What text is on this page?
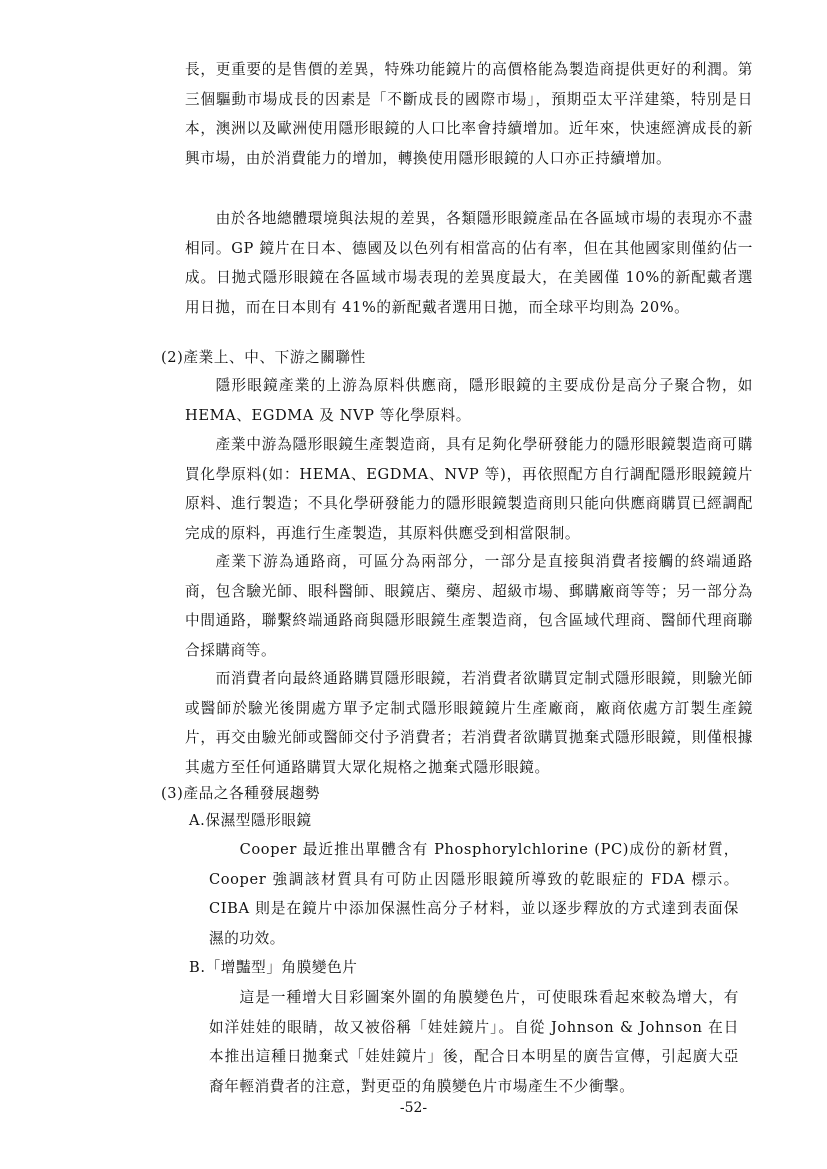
長，更重要的是售價的差異，特殊功能鏡片的高價格能為製造商提供更好的利潤。第三個驅動市場成長的因素是「不斷成長的國際市場」，預期亞太平洋建築，特別是日本，澳洲以及歐洲使用隱形眼鏡的人口比率會持續增加。近年來，快速經濟成長的新興市場，由於消費能力的增加，轉換使用隱形眼鏡的人口亦正持續增加。

由於各地總體環境與法規的差異，各類隱形眼鏡產品在各區域市場的表現亦不盡相同。GP 鏡片在日本、德國及以色列有相當高的佔有率，但在其他國家則僅約佔一成。日拋式隱形眼鏡在各區域市場表現的差異度最大，在美國僅 10%的新配戴者選用日拋，而在日本則有 41%的新配戴者選用日拋，而全球平均則為 20%。

(2)產業上、中、下游之關聯性

隱形眼鏡產業的上游為原料供應商，隱形眼鏡的主要成份是高分子聚合物，如 HEMA、EGDMA 及 NVP 等化學原料。

產業中游為隱形眼鏡生產製造商，具有足夠化學研發能力的隱形眼鏡製造商可購買化學原料(如：HEMA、EGDMA、NVP 等)，再依照配方自行調配隱形眼鏡鏡片原料、進行製造；不具化學研發能力的隱形眼鏡製造商則只能向供應商購買已經調配完成的原料，再進行生產製造，其原料供應受到相當限制。

產業下游為通路商，可區分為兩部分，一部分是直接與消費者接觸的終端通路商，包含驗光師、眼科醫師、眼鏡店、藥房、超級市場、郵購廠商等等；另一部分為中間通路，聯繫終端通路商與隱形眼鏡生產製造商，包含區域代理商、醫師代理商聯合採購商等。

而消費者向最終通路購買隱形眼鏡，若消費者欲購買定制式隱形眼鏡，則驗光師或醫師於驗光後開處方單予定制式隱形眼鏡鏡片生產廠商，廠商依處方訂製生產鏡片，再交由驗光師或醫師交付予消費者；若消費者欲購買拋棄式隱形眼鏡，則僅根據其處方至任何通路購買大眾化規格之拋棄式隱形眼鏡。

(3)產品之各種發展趨勢
A.保濕型隱形眼鏡

Cooper 最近推出單體含有 Phosphorylchlorine (PC)成份的新材質，Cooper 強調該材質具有可防止因隱形眼鏡所導致的乾眼症的 FDA 標示。CIBA 則是在鏡片中添加保濕性高分子材料，並以逐步釋放的方式達到表面保濕的功效。

B.「增豔型」角膜變色片

這是一種增大目彩圖案外圍的角膜變色片，可使眼珠看起來較為增大，有如洋娃娃的眼睛，故又被俗稱「娃娃鏡片」。自從 Johnson & Johnson 在日本推出這種日拋棄式「娃娃鏡片」後，配合日本明星的廣告宣傳，引起廣大亞裔年輕消費者的注意，對更亞的角膜變色片市場產生不少衝擊。

-52-
